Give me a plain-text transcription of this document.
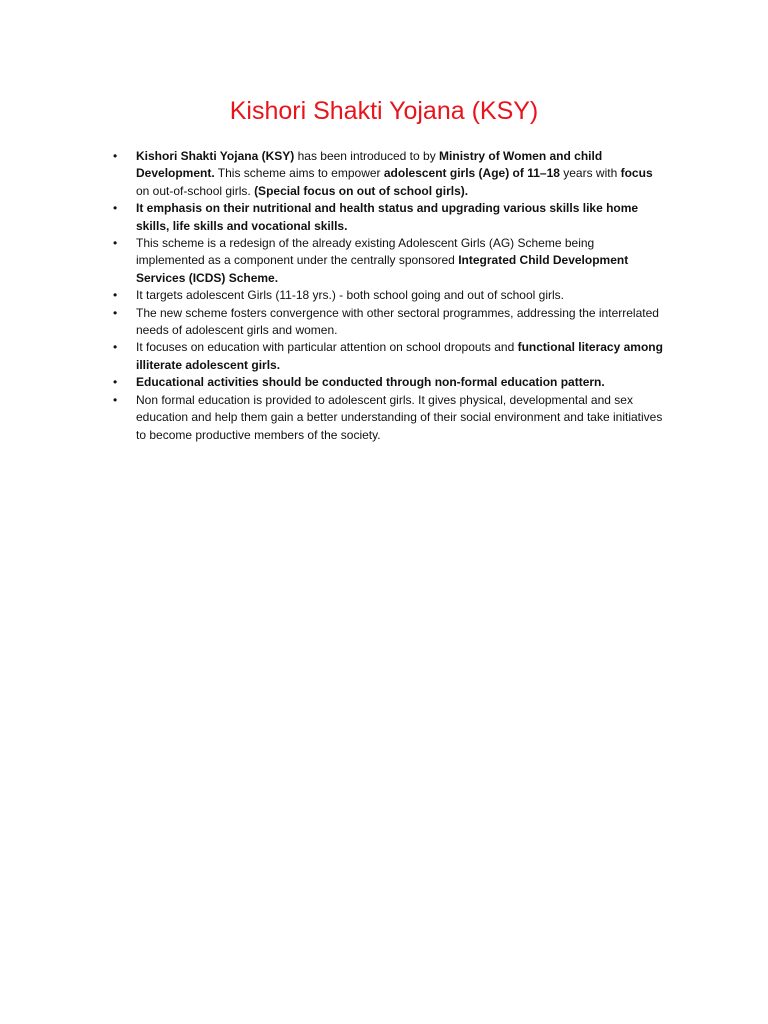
Kishori Shakti Yojana (KSY)
• Kishori Shakti Yojana (KSY) has been introduced to by Ministry of Women and child Development. This scheme aims to empower adolescent girls (Age) of 11–18 years with focus on out-of-school girls. (Special focus on out of school girls).
• It emphasis on their nutritional and health status and upgrading various skills like home skills, life skills and vocational skills.
• This scheme is a redesign of the already existing Adolescent Girls (AG) Scheme being implemented as a component under the centrally sponsored Integrated Child Development Services (ICDS) Scheme.
• It targets adolescent Girls (11-18 yrs.) - both school going and out of school girls.
• The new scheme fosters convergence with other sectoral programmes, addressing the interrelated needs of adolescent girls and women.
• It focuses on education with particular attention on school dropouts and functional literacy among illiterate adolescent girls.
• Educational activities should be conducted through non-formal education pattern.
• Non formal education is provided to adolescent girls. It gives physical, developmental and sex education and help them gain a better understanding of their social environment and take initiatives to become productive members of the society.
